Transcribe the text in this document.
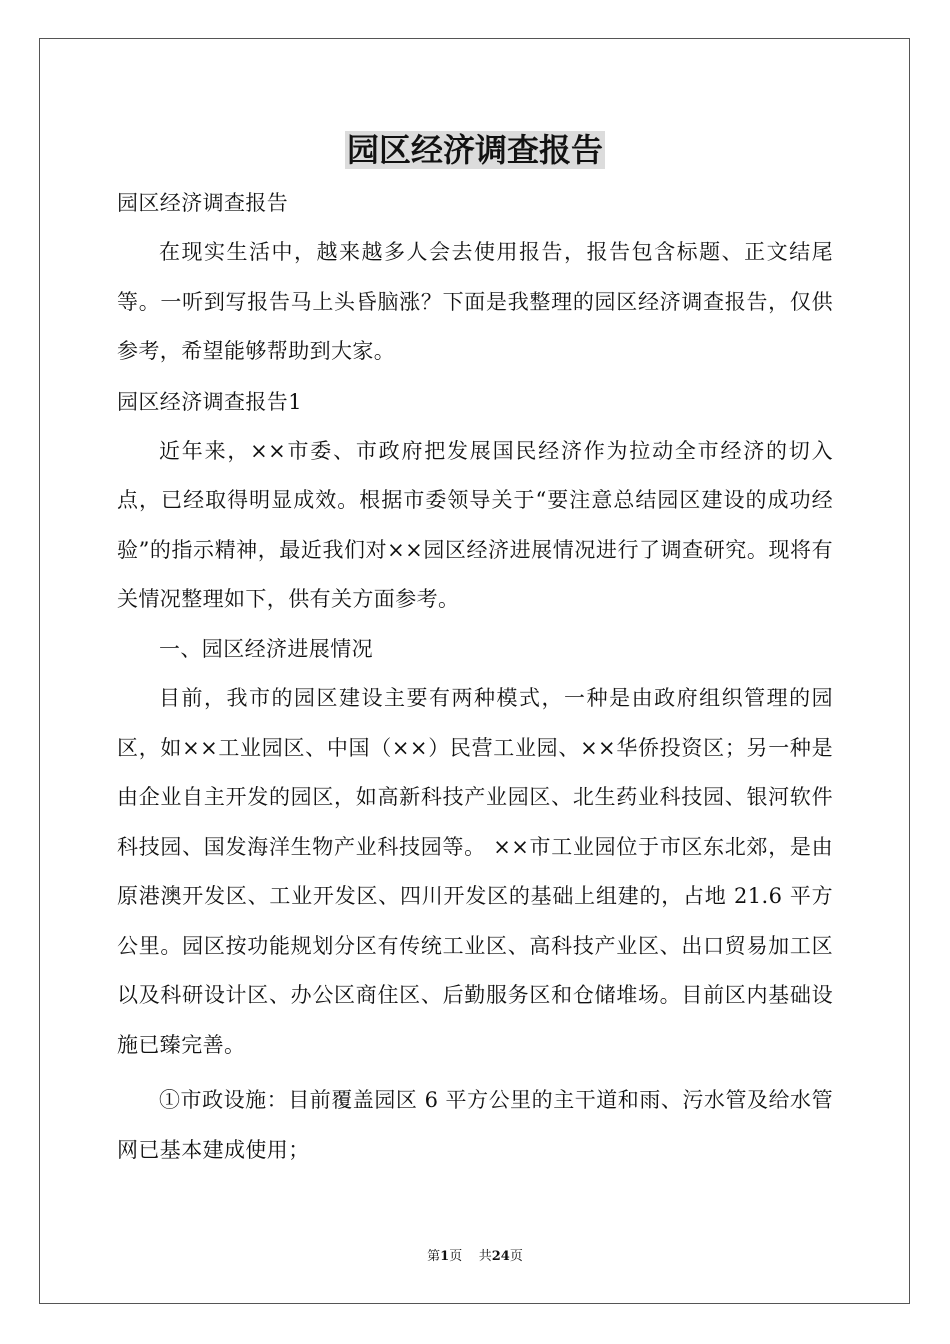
园区经济调查报告

园区经济调查报告

在现实生活中，越来越多人会去使用报告，报告包含标题、正文结尾等。一听到写报告马上头昏脑涨？下面是我整理的园区经济调查报告，仅供参考，希望能够帮助到大家。

园区经济调查报告1

近年来，××市委、市政府把发展国民经济作为拉动全市经济的切入点，已经取得明显成效。根据市委领导关于“要注意总结园区建设的成功经验”的指示精神，最近我们对××园区经济进展情况进行了调查研究。现将有关情况整理如下，供有关方面参考。

一、园区经济进展情况

目前，我市的园区建设主要有两种模式，一种是由政府组织管理的园区，如××工业园区、中国（××）民营工业园、××华侨投资区；另一种是由企业自主开发的园区，如高新科技产业园区、北生药业科技园、银河软件科技园、国发海洋生物产业科技园等。 ××市工业园位于市区东北郊，是由原港澳开发区、工业开发区、四川开发区的基础上组建的，占地 21.6 平方公里。园区按功能规划分区有传统工业区、高科技产业区、出口贸易加工区以及科研设计区、办公区商住区、后勤服务区和仓储堆场。目前区内基础设施已臻完善。

①市政设施：目前覆盖园区 6 平方公里的主干道和雨、污水管及给水管网已基本建成使用；

第1页 共24页
